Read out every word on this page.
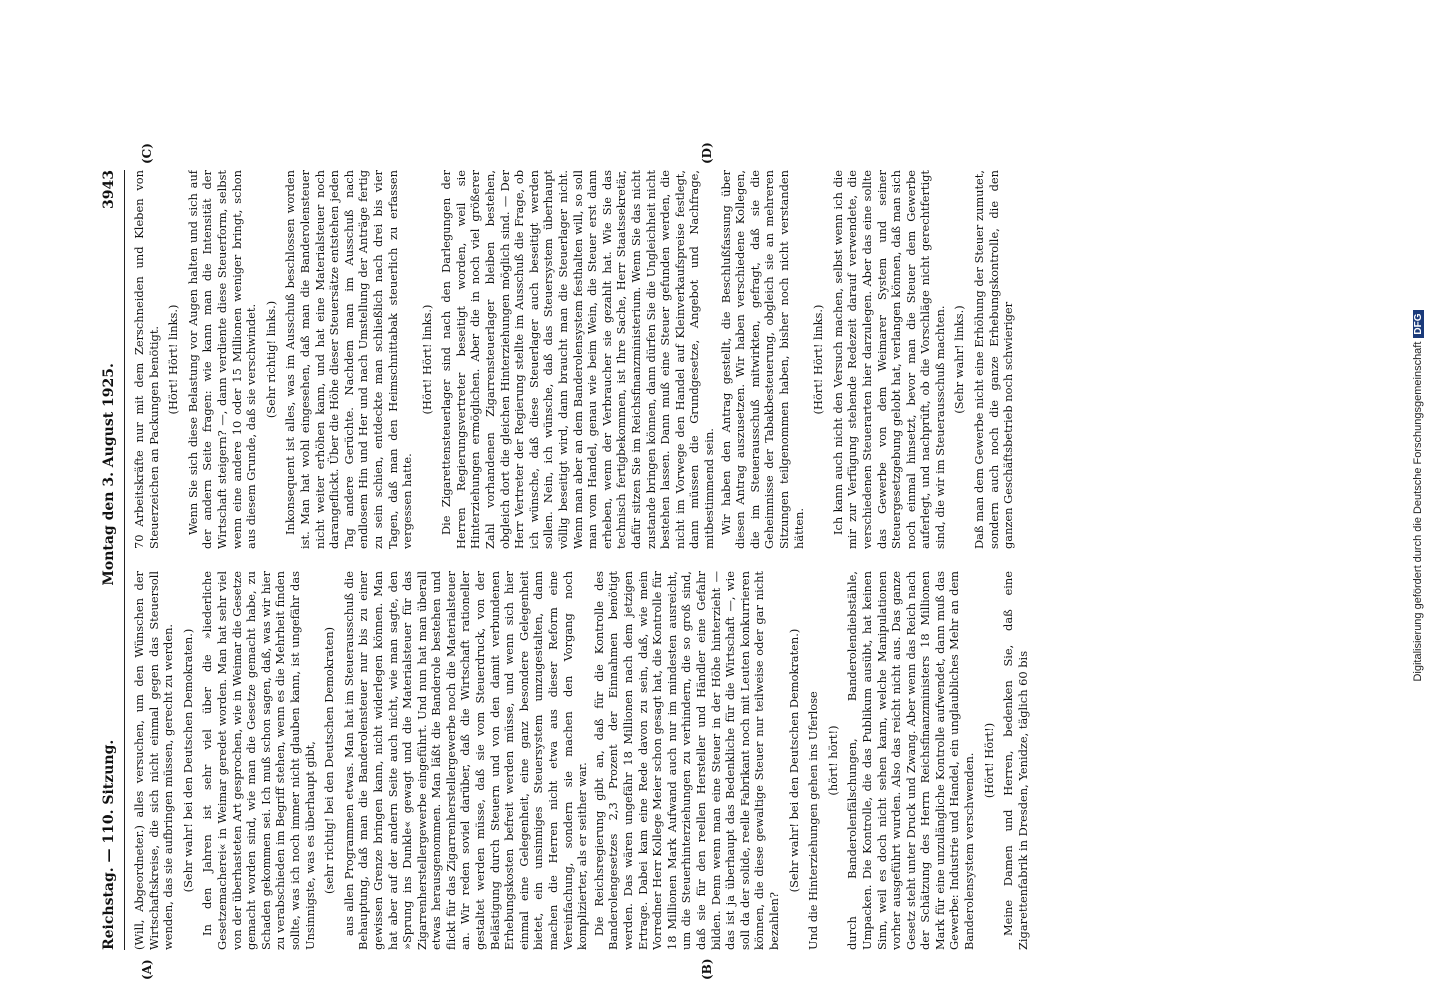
Reichstag. — 110. Sitzung.
Montag den 3. August 1925.
3943
(A)	(B)
(C)	(D)

(Will, Abgeordneter.) alles versuchen, um den Wünschen der Wirtschaftskreise, die sich nicht einmal gegen das Steuersoll wenden, das sie aufbringen müssen, gerecht zu werden. (Sehr wahr! bei den Deutschen Demokraten.) In den Jahren ist sehr viel über die »liederliche Gesetzemacherei« in Weimar geredet worden. Man hat sehr viel von der überhasteten Art gesprochen, wie in Weimar die Gesetze gemacht worden sind, wie man die Gesetze gemacht habe, zu Schaden gekommen sei. Ich muß schon sagen, daß, was wir hier zu verabschieden im Begriff stehen, wenn es die Mehrheit finden sollte, was ich noch immer nicht glauben kann, ist ungefähr das Unsinnigste, was es überhaupt gibt, (sehr richtig! bei den Deutschen Demokraten) aus allen Programmen etwas. Man hat im Steuerausschuß die Behauptung, daß man die Banderolensteuer nur bis zu einer gewissen Grenze bringen kann, nicht widerlegen können. Man hat aber auf der andern Seite auch nicht, wie man sagte, den »Sprung ins Dunkle« gewagt und die Materialsteuer für das Zigarrenherstellergewerbe eingeführt. Und nun hat man überall etwas herausgenommen. Man läßt die Banderole bestehen und flickt für das Zigarrenherstellergewerbe noch die Materialsteuer an. Wir reden soviel darüber, daß die Wirtschaft rationeller gestaltet werden müsse, daß sie vom Steuerdruck, von der Belästigung durch Steuern und von den damit verbundenen Erhebungskosten befreit werden müsse, und wenn sich hier einmal eine Gelegenheit, eine ganz besondere Gelegenheit bietet, ein unsinniges Steuersystem umzugestalten, dann machen die Herren nicht etwa aus dieser Reform eine Vereinfachung, sondern sie machen den Vorgang noch komplizierter, als er seither war. Die Reichsregierung gibt an, daß für die Kontrolle des Banderolengesetzes 2,3 Prozent der Einnahmen benötigt werden. Das wären ungefähr 18 Millionen nach dem jetzigen Ertrage. Dabei kam eine Rede davon zu sein, daß, wie mein Vorredner Herr Kollege Meier schon gesagt hat, die Kontrolle für 18 Millionen Mark Aufwand auch nur im mindesten ausreicht, um die Steuerhinterziehungen zu verhindern, die so groß sind, daß sie für den reellen Hersteller und Händler eine Gefahr bilden. Denn wenn man eine Steuer in der Höhe hinterzieht — das ist ja überhaupt das Bedenkliche für die Wirtschaft —, wie soll da der solide, reelle Fabrikant noch mit Leuten konkurrieren können, die diese gewaltige Steuer nur teilweise oder gar nicht bezahlen?

(Sehr wahr! bei den Deutschen Demokraten.) Und die Hinterziehungen gehen ins Uferlose (hört! hört!) durch Banderolenfälschungen, Banderolendiebstähle, Umpacken. Die Kontrolle, die das Publikum ausübt, hat keinen Sinn, weil es doch nicht sehen kann, welche Manipulationen vorher ausgeführt wurden. Also das reicht nicht aus. Das ganze Gesetz steht unter Druck und Zwang. Aber wenn das Reich nach der Schätzung des Herrn Reichsfinanzministers 18 Millionen Mark für eine unzulängliche Kontrolle aufwendet, dann muß das Gewerbe: Industrie und Handel, ein unglaubliches Mehr an dem Banderolensystem verschwenden. (Hört! Hört!) Meine Damen und Herren, bedenken Sie, daß eine Zigarettenfabrik in Dresden, Yenidze, täglich 60 bis

70 Arbeitskräfte nur mit dem Zerschneiden und Kleben von Steuerzeichen an Packungen benötigt. (Hört! Hört! links.) Wenn Sie sich diese Belastung vor Augen halten und sich auf der andern Seite fragen: wie kann man die Intensität der Wirtschaft steigern? —, dann verdiente diese Steuerform, selbst wenn eine andere 10 oder 15 Millionen weniger bringt, schon aus diesem Grunde, daß sie verschwindet. (Sehr richtig! links.) Inkonsequent ist alles, was im Ausschuß beschlossen worden ist. Man hat wohl eingesehen, daß man die Banderolensteuer nicht weiter erhöhen kann, und hat eine Materialsteuer noch darangeflickt. Über die Höhe dieser Steuersätze entstehen jeden Tag andere Gerüchte. Nachdem man im Ausschuß nach endlosem Hin und Her und nach Umstellung der Anträge fertig zu sein schien, entdeckte man schließlich nach drei bis vier Tagen, daß man den Heimschnittabak steuerlich zu erfassen vergessen hatte.

(Hört! Hört! links.) Die Zigarettensteuerlager sind nach den Darlegungen der Herren Regierungsvertreter beseitigt worden, weil sie Hinterziehungen ermöglichen. Aber die in noch viel größerer Zahl vorhandenen Zigarrensteuerlager bleiben bestehen, obgleich dort die gleichen Hinterziehungen möglich sind. — Der Herr Vertreter der Regierung stellte im Ausschuß die Frage, ob ich wünsche, daß diese Steuerlager auch beseitigt werden sollen. Nein, ich wünsche, daß das Steuersystem überhaupt völlig beseitigt wird, dann braucht man die Steuerlager nicht. Wenn man aber an dem Banderolensystem festhalten will, so soll man vom Handel, genau wie beim Wein, die Steuer erst dann erheben, wenn der Verbraucher sie gezahlt hat. Wie Sie das technisch fertigbekommen, ist Ihre Sache, Herr Staatssekretär, dafür sitzen Sie im Reichsfinanzministerium. Wenn Sie das nicht zustande bringen können, dann dürfen Sie die Ungleichheit nicht bestehen lassen. Dann muß eine Steuer gefunden werden, die nicht im Vorwege den Handel auf Kleinverkaufspreise festlegt, dann müssen die Grundgesetze, Angebot und Nachfrage, mitbestimmend sein. Wir haben den Antrag gestellt, die Beschlußfassung über diesen Antrag auszusetzen. Wir haben verschiedene Kollegen, die im Steuerausschuß mitwirkten, gefragt, daß sie die Geheimnisse der Tabakbesteuerung, obgleich sie an mehreren Sitzungen teilgenommen haben, bisher noch nicht verstanden hätten.

(Hört! Hört! links.) Ich kann auch nicht den Versuch machen, selbst wenn ich die mir zur Verfügung stehende Redezeit darauf verwendete, die verschiedenen Steuerarten hier darzulegen. Aber das eine sollte das Gewerbe von dem Weimarer System und seiner Steuergesetzgebung gelobt hat, verlangen können, daß man sich noch einmal hinsetzt, bevor man die Steuer dem Gewerbe auferlegt, und nachprüft, ob die Vorschläge nicht gerechtfertigt sind, die wir im Steuerausschuß machten. (Sehr wahr! links.) Daß man dem Gewerbe nicht eine Erhöhung der Steuer zumutet, sondern auch noch die ganze Erhebungskontrolle, die den ganzen Geschäftsbetrieb noch schwieriger	Digitalisierung gefördert durch die Deutsche ForschungsgemeinschaftDFG
